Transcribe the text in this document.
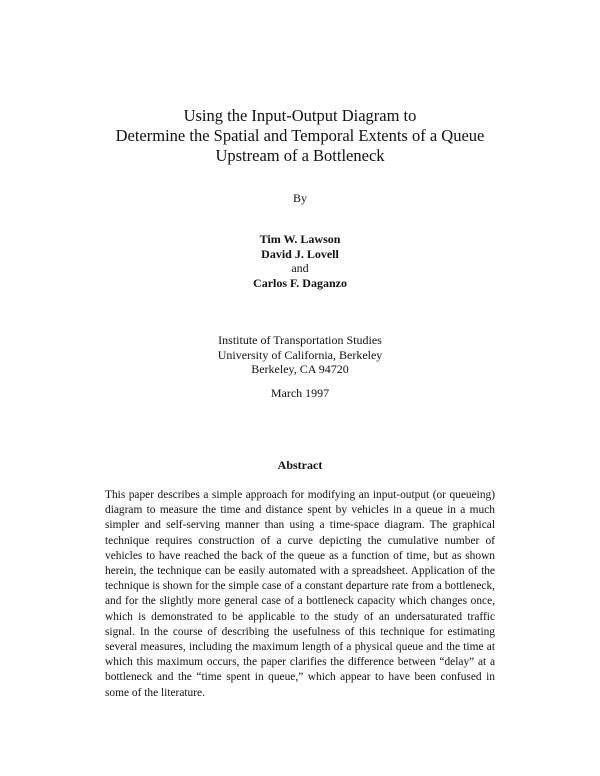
Using the Input-Output Diagram to
Determine the Spatial and Temporal Extents of a Queue
Upstream of a Bottleneck
By
Tim W. Lawson
David J. Lovell
and
Carlos F. Daganzo
Institute of Transportation Studies
University of California, Berkeley
Berkeley, CA 94720
March 1997
Abstract
This paper describes a simple approach for modifying an input-output (or queueing) diagram to measure the time and distance spent by vehicles in a queue in a much simpler and self-serving manner than using a time-space diagram. The graphical technique requires construction of a curve depicting the cumulative number of vehicles to have reached the back of the queue as a function of time, but as shown herein, the technique can be easily automated with a spreadsheet. Application of the technique is shown for the simple case of a constant departure rate from a bottleneck, and for the slightly more general case of a bottleneck capacity which changes once, which is demonstrated to be applicable to the study of an undersaturated traffic signal. In the course of describing the usefulness of this technique for estimating several measures, including the maximum length of a physical queue and the time at which this maximum occurs, the paper clarifies the difference between “delay” at a bottleneck and the “time spent in queue,” which appear to have been confused in some of the literature.
